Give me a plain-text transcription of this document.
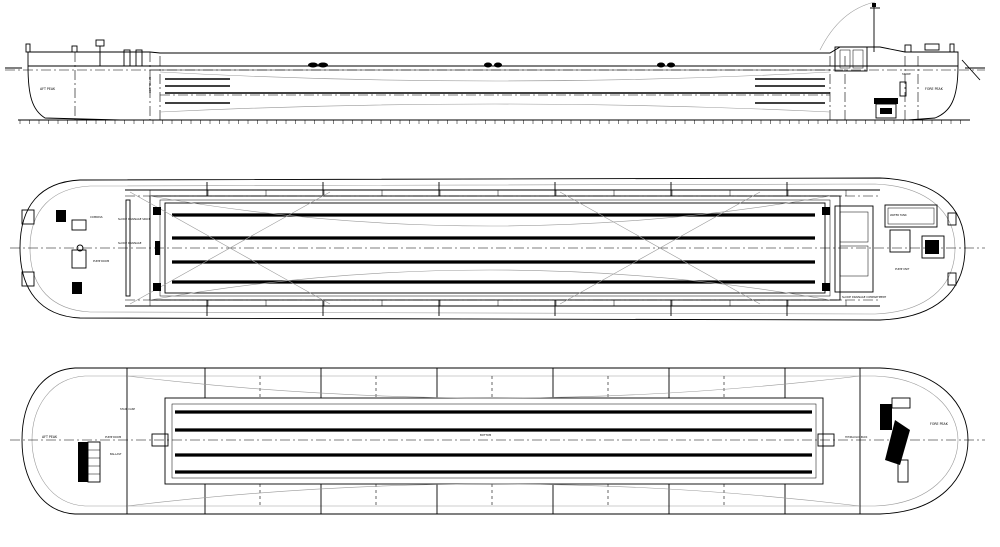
AFT PEAK	COFFERDAM	FORE PEAK
STORE
COMPASS
SLUICE DRAINAGE SPACE
SLUICE DRAINAGE
SLUICE DRAINAGE COMPARTMENT
PUMP ROOM
WATER TANK
PUMP UNIT
AFT PEAK	PUMP ROOM
STAIR CASE
BALLAST
BOTTOM
FORE PEAK
HYDRAULIC PACK
